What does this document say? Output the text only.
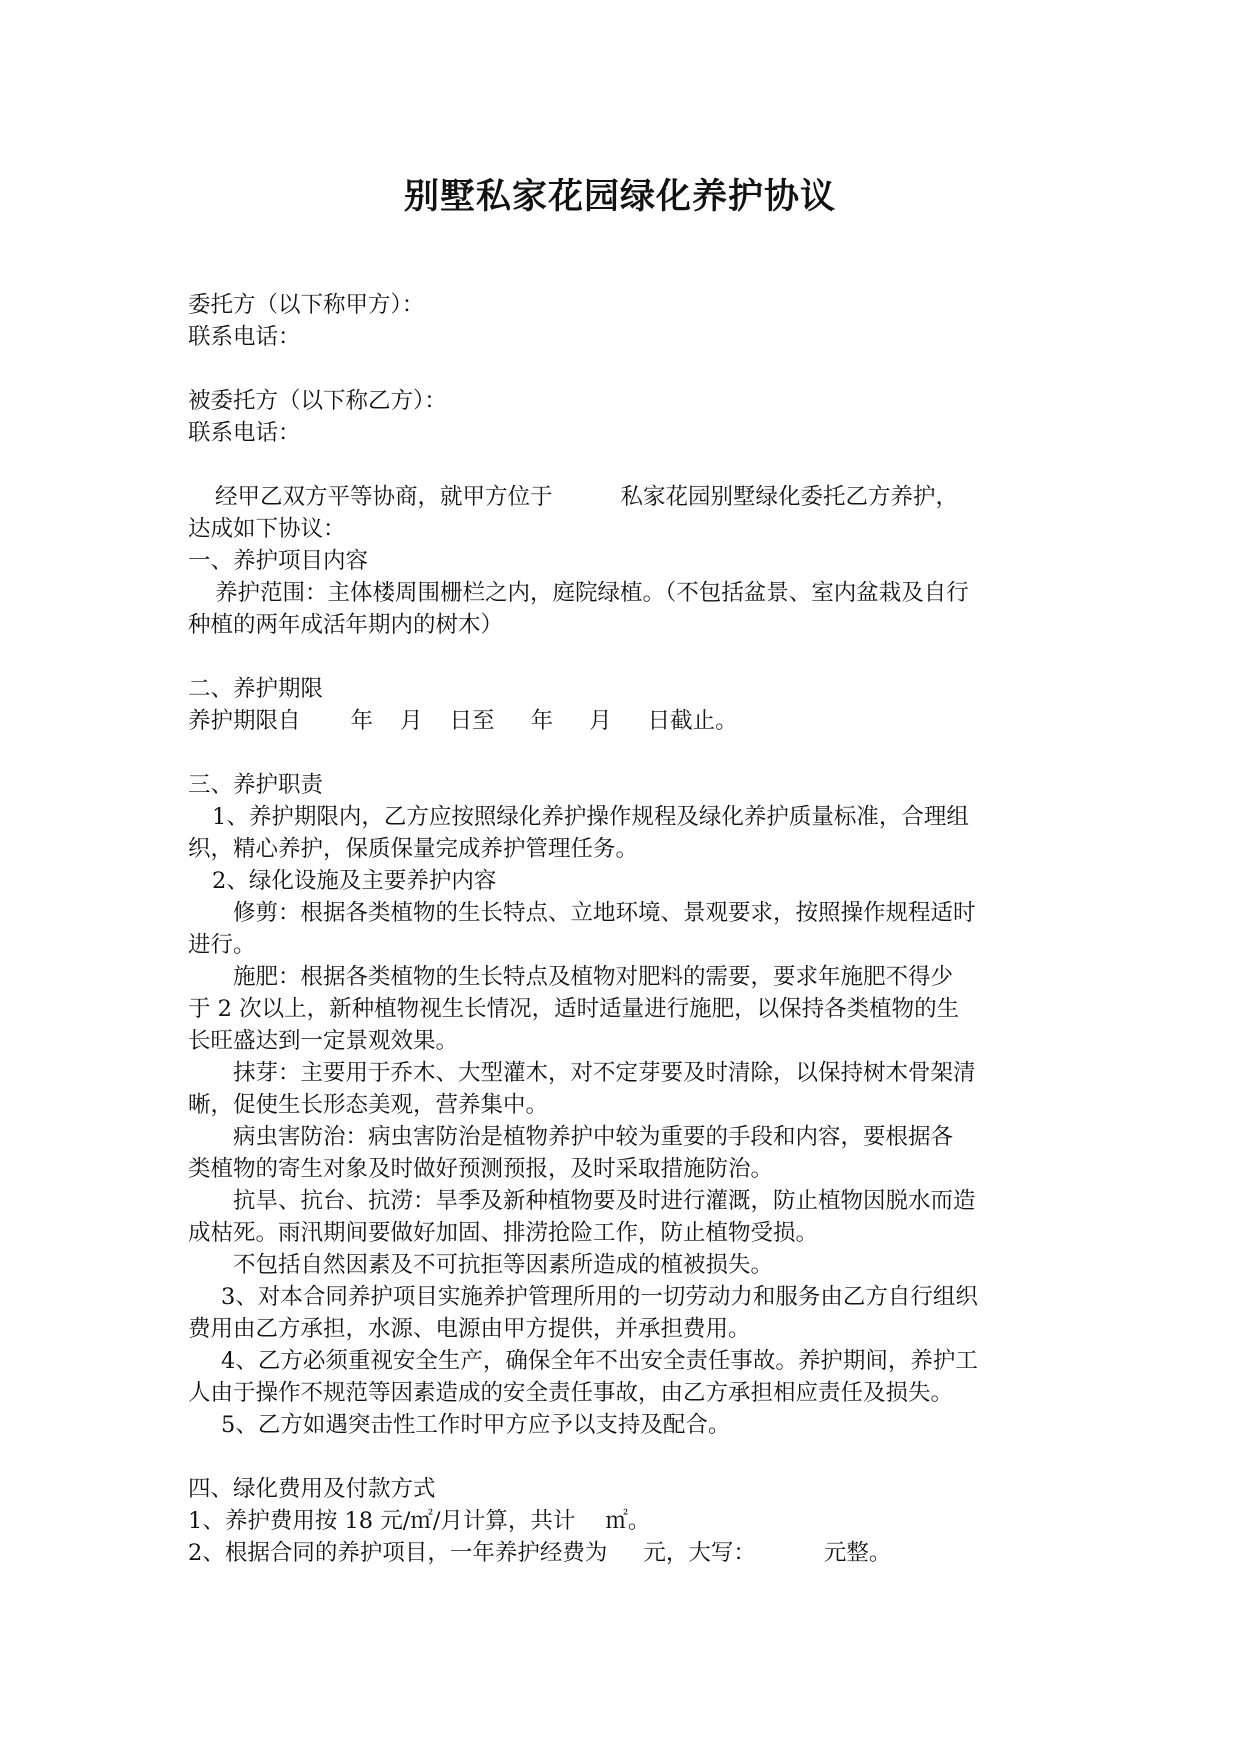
别墅私家花园绿化养护协议
委托方（以下称甲方）：
联系电话：
被委托方（以下称乙方）：
联系电话：
经甲乙双方平等协商，就甲方位于	私家花园别墅绿化委托乙方养护，
达成如下协议：
一、养护项目内容
养护范围：主体楼周围栅栏之内，庭院绿植。（不包括盆景、室内盆栽及自行
种植的两年成活年期内的树木）
二、养护期限
养护期限自 年 月 日至 年 月 日截止。
三、养护职责
1、养护期限内，乙方应按照绿化养护操作规程及绿化养护质量标准，合理组
织，精心养护，保质保量完成养护管理任务。
2、绿化设施及主要养护内容
修剪：根据各类植物的生长特点、立地环境、景观要求，按照操作规程适时
进行。
施肥：根据各类植物的生长特点及植物对肥料的需要，要求年施肥不得少
于 2 次以上，新种植物视生长情况，适时适量进行施肥，以保持各类植物的生
长旺盛达到一定景观效果。
抹芽：主要用于乔木、大型灌木，对不定芽要及时清除，以保持树木骨架清
晰，促使生长形态美观，营养集中。
病虫害防治：病虫害防治是植物养护中较为重要的手段和内容，要根据各
类植物的寄生对象及时做好预测预报，及时采取措施防治。
抗旱、抗台、抗涝：旱季及新种植物要及时进行灌溉，防止植物因脱水而造
成枯死。雨汛期间要做好加固、排涝抢险工作，防止植物受损。
不包括自然因素及不可抗拒等因素所造成的植被损失。
3、对本合同养护项目实施养护管理所用的一切劳动力和服务由乙方自行组织
费用由乙方承担，水源、电源由甲方提供，并承担费用。
4、乙方必须重视安全生产，确保全年不出安全责任事故。养护期间，养护工
人由于操作不规范等因素造成的安全责任事故，由乙方承担相应责任及损失。
5、乙方如遇突击性工作时甲方应予以支持及配合。
四、绿化费用及付款方式
1、养护费用按 18 元/㎡/月计算，共计 ㎡。
2、根据合同的养护项目，一年养护经费为 元，大写：	元整。
